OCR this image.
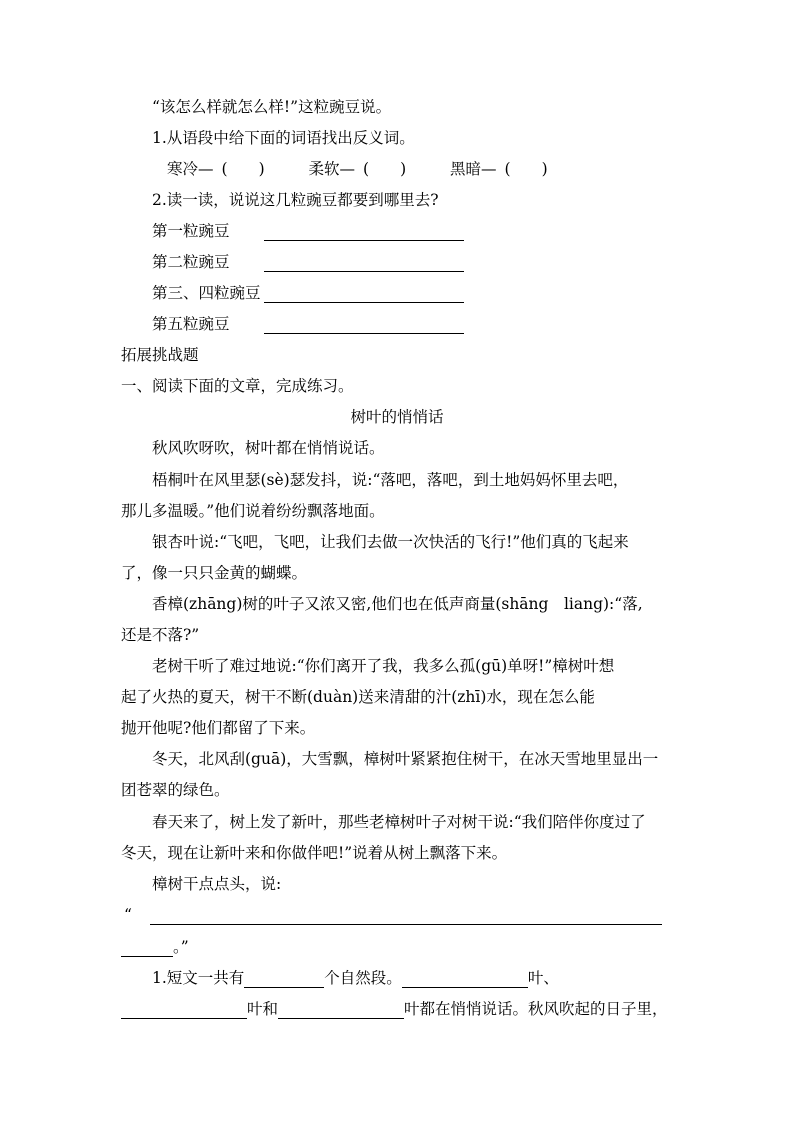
“该怎么样就怎么样!”这粒豌豆说。
1.从语段中给下面的词语找出反义词。
寒冷— (　　)	柔软— (　　)	黑暗— (　　)
2.读一读，说说这几粒豌豆都要到哪里去?
第一粒豌豆
第二粒豌豆
第三、四粒豌豆
第五粒豌豆
拓展挑战题
一、阅读下面的文章，完成练习。
树叶的悄悄话
秋风吹呀吹，树叶都在悄悄说话。
梧桐叶在风里瑟(sè)瑟发抖，说:“落吧，落吧，到土地妈妈怀里去吧，
那儿多温暖。”他们说着纷纷飘落地面。
银杏叶说:“飞吧，飞吧，让我们去做一次快活的飞行!”他们真的飞起来
了，像一只只金黄的蝴蝶。
香樟(zhāng)树的叶子又浓又密,他们也在低声商量(shāng　liang):“落,
还是不落?”
老树干听了难过地说:“你们离开了我，我多么孤(gū)单呀!”樟树叶想
起了火热的夏天，树干不断(duàn)送来清甜的汁(zhī)水，现在怎么能
抛开他呢?他们都留了下来。
冬天，北风刮(guā)，大雪飘，樟树叶紧紧抱住树干，在冰天雪地里显出一
团苍翠的绿色。
春天来了，树上发了新叶，那些老樟树叶子对树干说:“我们陪伴你度过了
冬天，现在让新叶来和你做伴吧!”说着从树上飘落下来。
樟树干点点头，说:
“
。”
1.短文一共有	个自然段。	叶、
叶和	叶都在悄悄说话。秋风吹起的日子里，
